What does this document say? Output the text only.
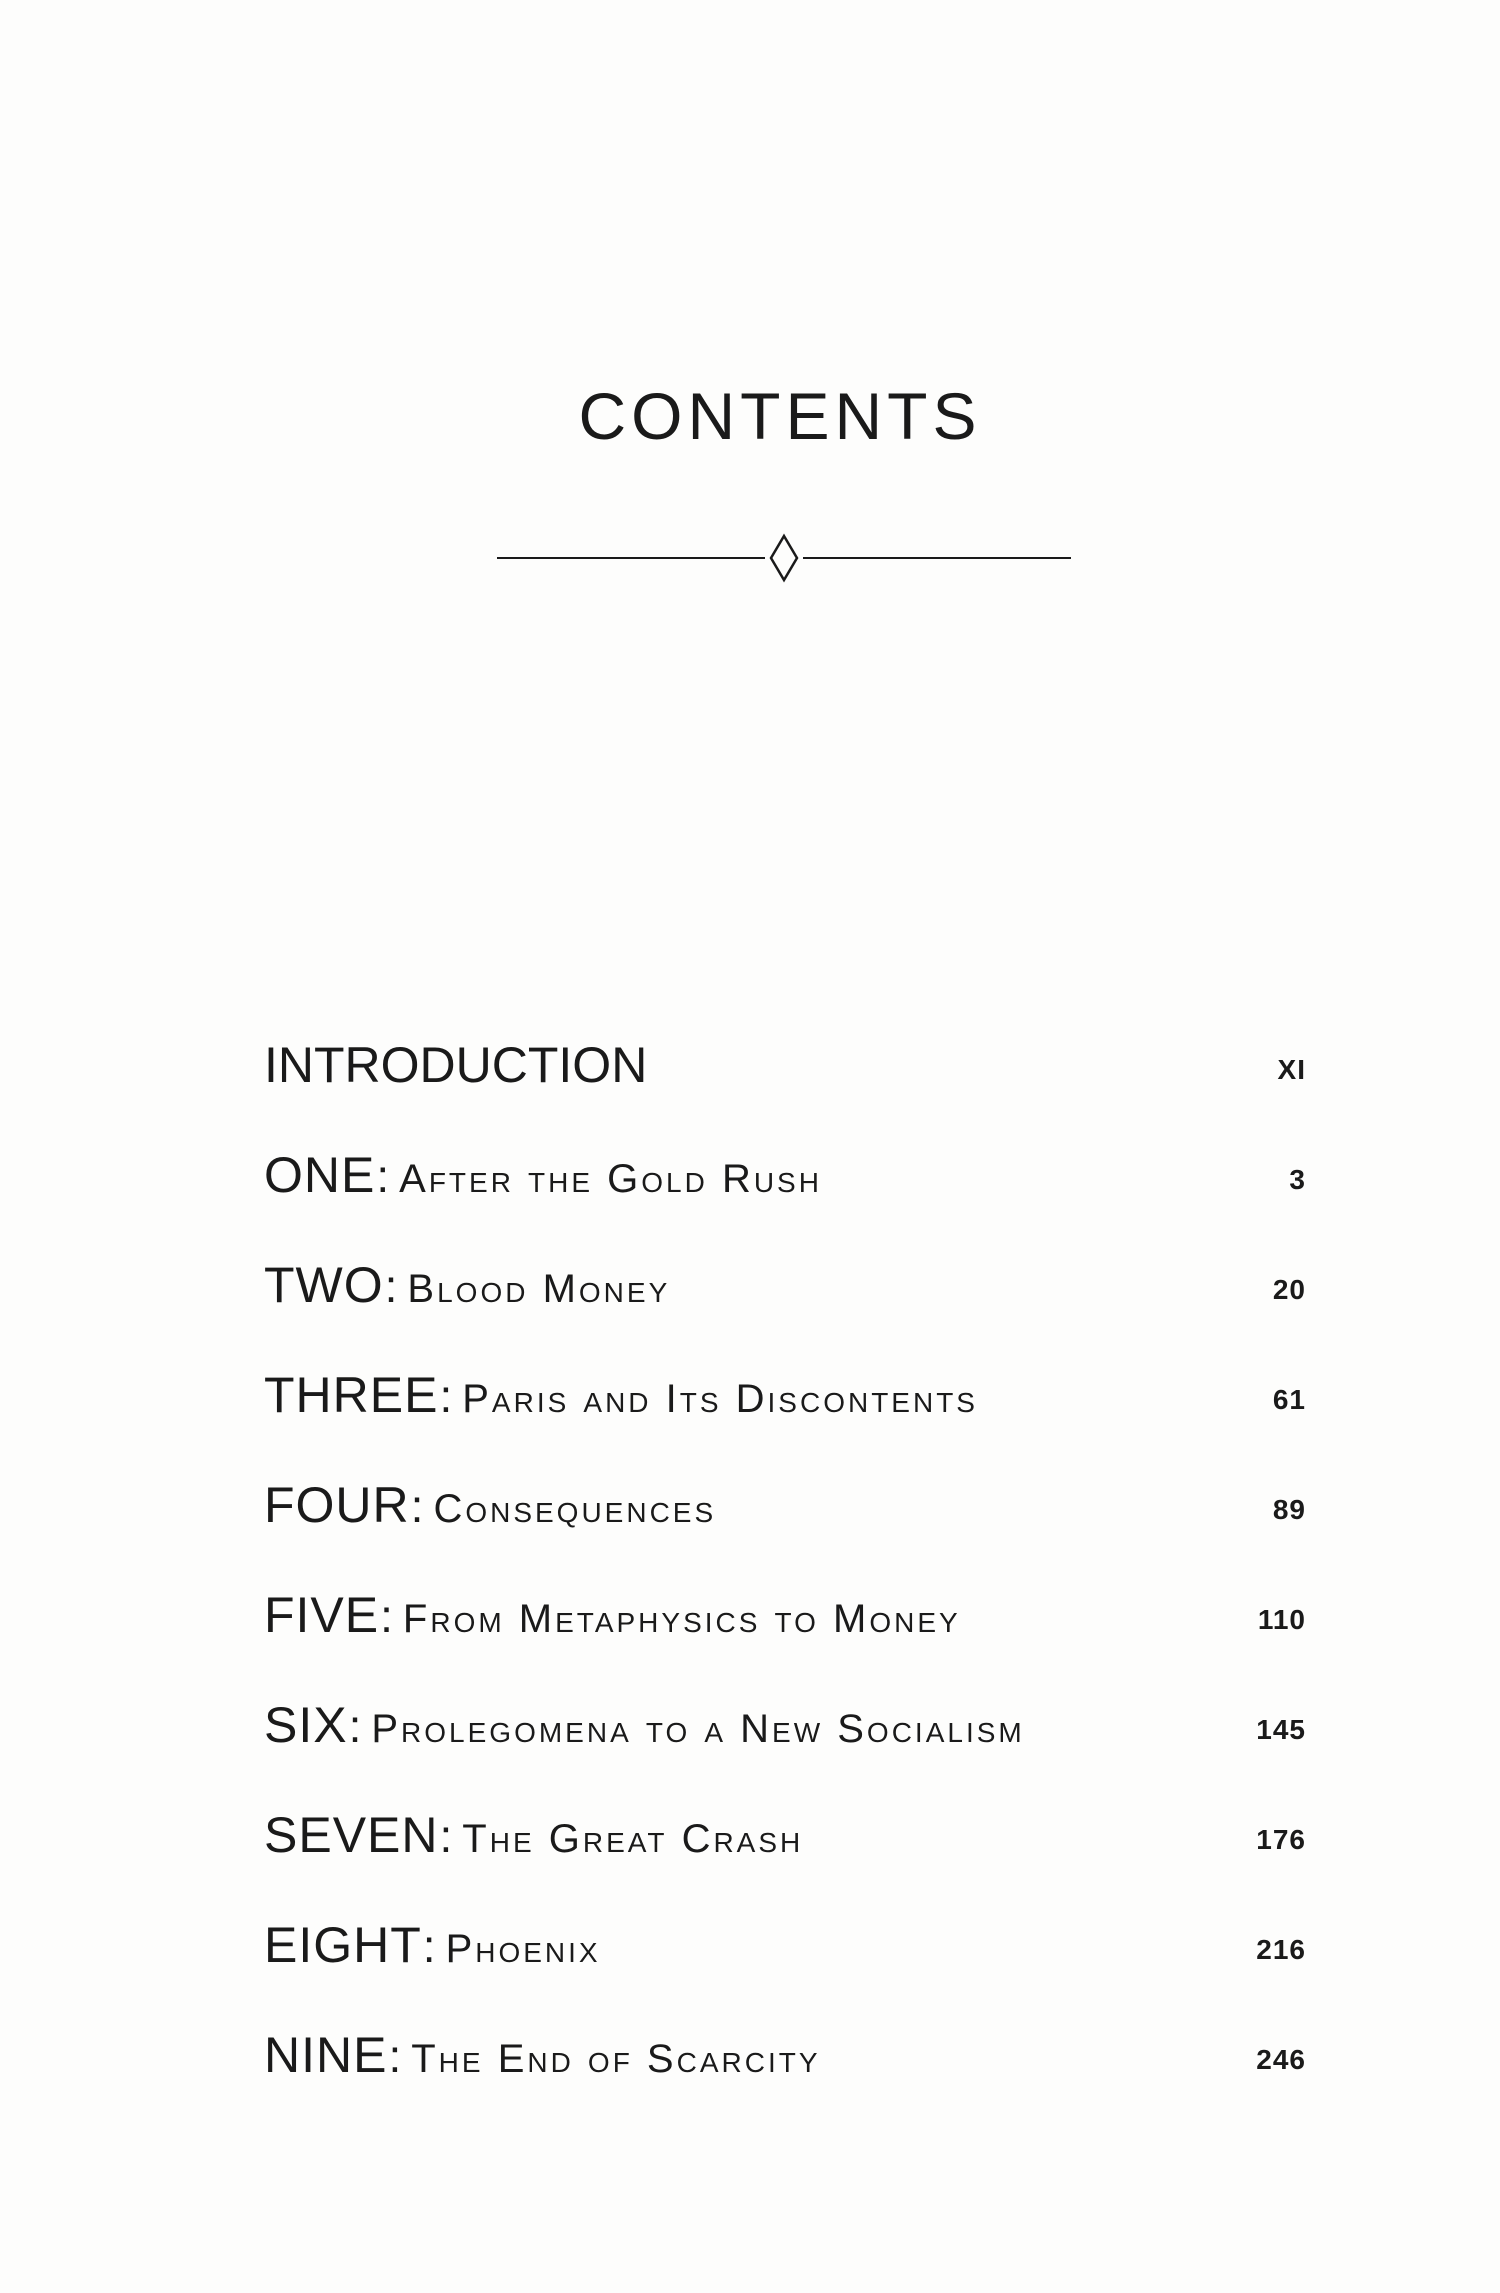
CONTENTS
INTRODUCTION	XI
ONE: After the Gold Rush	3
TWO: Blood Money	20
THREE: Paris and Its Discontents	61
FOUR: Consequences	89
FIVE: From Metaphysics to Money	110
SIX: Prolegomena to a New Socialism	145
SEVEN: The Great Crash	176
EIGHT: Phoenix	216
NINE: The End of Scarcity	246
